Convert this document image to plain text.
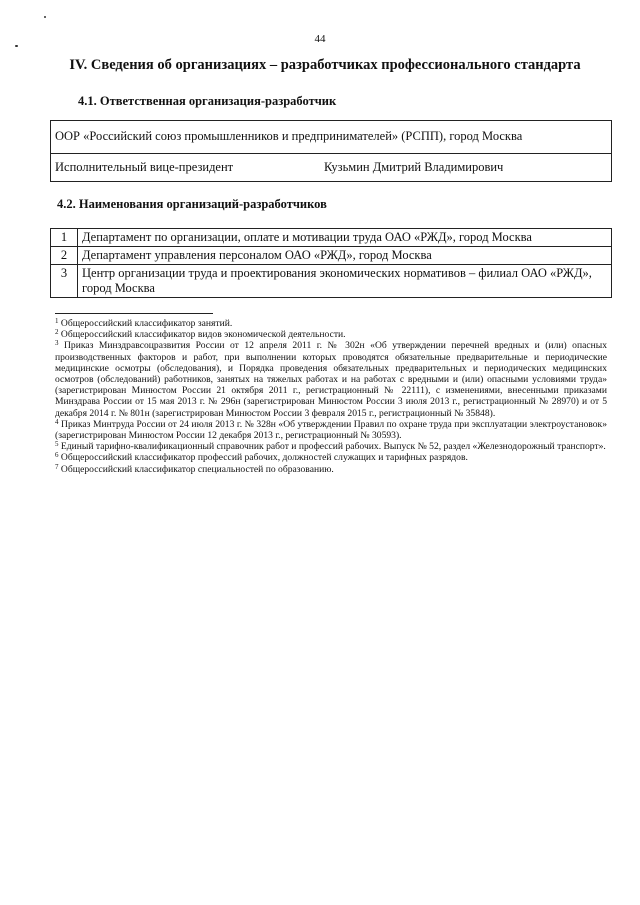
44
IV. Сведения об организациях – разработчиках профессионального стандарта
4.1. Ответственная организация-разработчик
ООР «Российский союз промышленников и предпринимателей» (РСПП), город Москва
Исполнительный вице-президент	Кузьмин Дмитрий Владимирович
4.2. Наименования организаций-разработчиков
1	Департамент по организации, оплате и мотивации труда ОАО «РЖД», город Москва
2	Департамент управления персоналом ОАО «РЖД», город Москва
3	Центр организации труда и проектирования экономических нормативов – филиал ОАО «РЖД», город Москва

$^1$ Общероссийский классификатор занятий.

$^2$ Общероссийский классификатор видов экономической деятельности.

$^3$ Приказ Минздравсоцразвития России от 12 апреля 2011 г. № 302н «Об утверждении перечней вредных и (или) опасных производственных факторов и работ, при выполнении которых проводятся обязательные предварительные и периодические медицинские осмотры (обследования), и Порядка проведения обязательных предварительных и периодических медицинских осмотров (обследований) работников, занятых на тяжелых работах и на работах с вредными и (или) опасными условиями труда» (зарегистрирован Минюстом России 21 октября 2011 г., регистрационный № 22111), с изменениями, внесенными приказами Минздрава России от 15 мая 2013 г. № 296н (зарегистрирован Минюстом России 3 июля 2013 г., регистрационный № 28970) и от 5 декабря 2014 г. № 801н (зарегистрирован Минюстом России 3 февраля 2015 г., регистрационный № 35848).

$^4$ Приказ Минтруда России от 24 июля 2013 г. № 328н «Об утверждении Правил по охране труда при эксплуатации электроустановок» (зарегистрирован Минюстом России 12 декабря 2013 г., регистрационный № 30593).

$^5$ Единый тарифно-квалификационный справочник работ и профессий рабочих. Выпуск № 52, раздел «Железнодорожный транспорт».

$^6$ Общероссийский классификатор профессий рабочих, должностей служащих и тарифных разрядов.

$^7$ Общероссийский классификатор специальностей по образованию.
